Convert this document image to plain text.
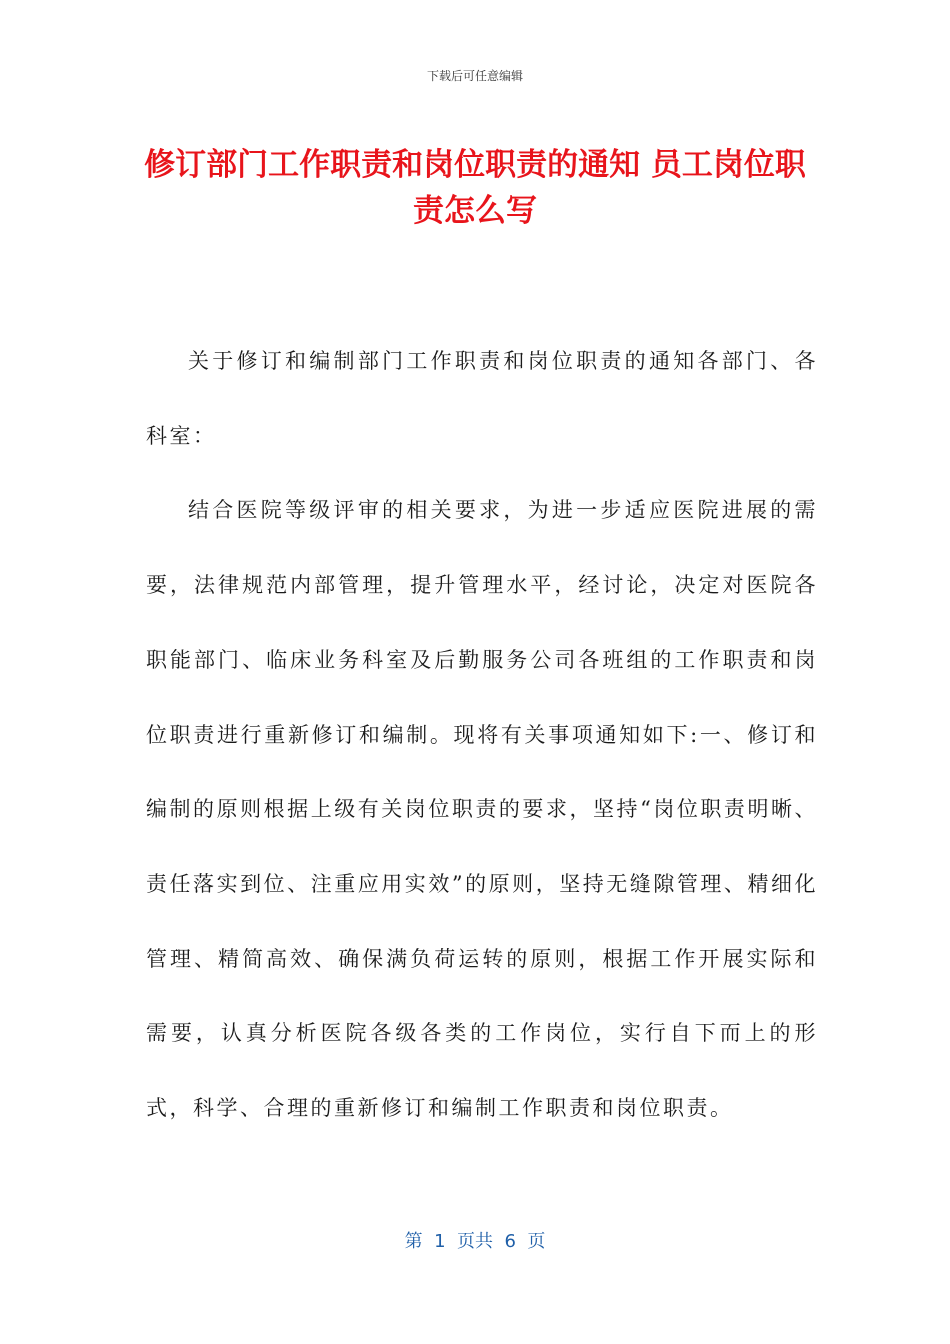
下载后可任意编辑
修订部门工作职责和岗位职责的通知 员工岗位职责怎么写

关于修订和编制部门工作职责和岗位职责的通知各部门、各科室：

结合医院等级评审的相关要求，为进一步适应医院进展的需要，法律规范内部管理，提升管理水平，经讨论，决定对医院各职能部门、临床业务科室及后勤服务公司各班组的工作职责和岗位职责进行重新修订和编制。现将有关事项通知如下:一、修订和编制的原则根据上级有关岗位职责的要求，坚持“岗位职责明晰、责任落实到位、注重应用实效”的原则，坚持无缝隙管理、精细化管理、精简高效、确保满负荷运转的原则，根据工作开展实际和需要，认真分析医院各级各类的工作岗位，实行自下而上的形式，科学、合理的重新修订和编制工作职责和岗位职责。

第  1  页共  6  页
